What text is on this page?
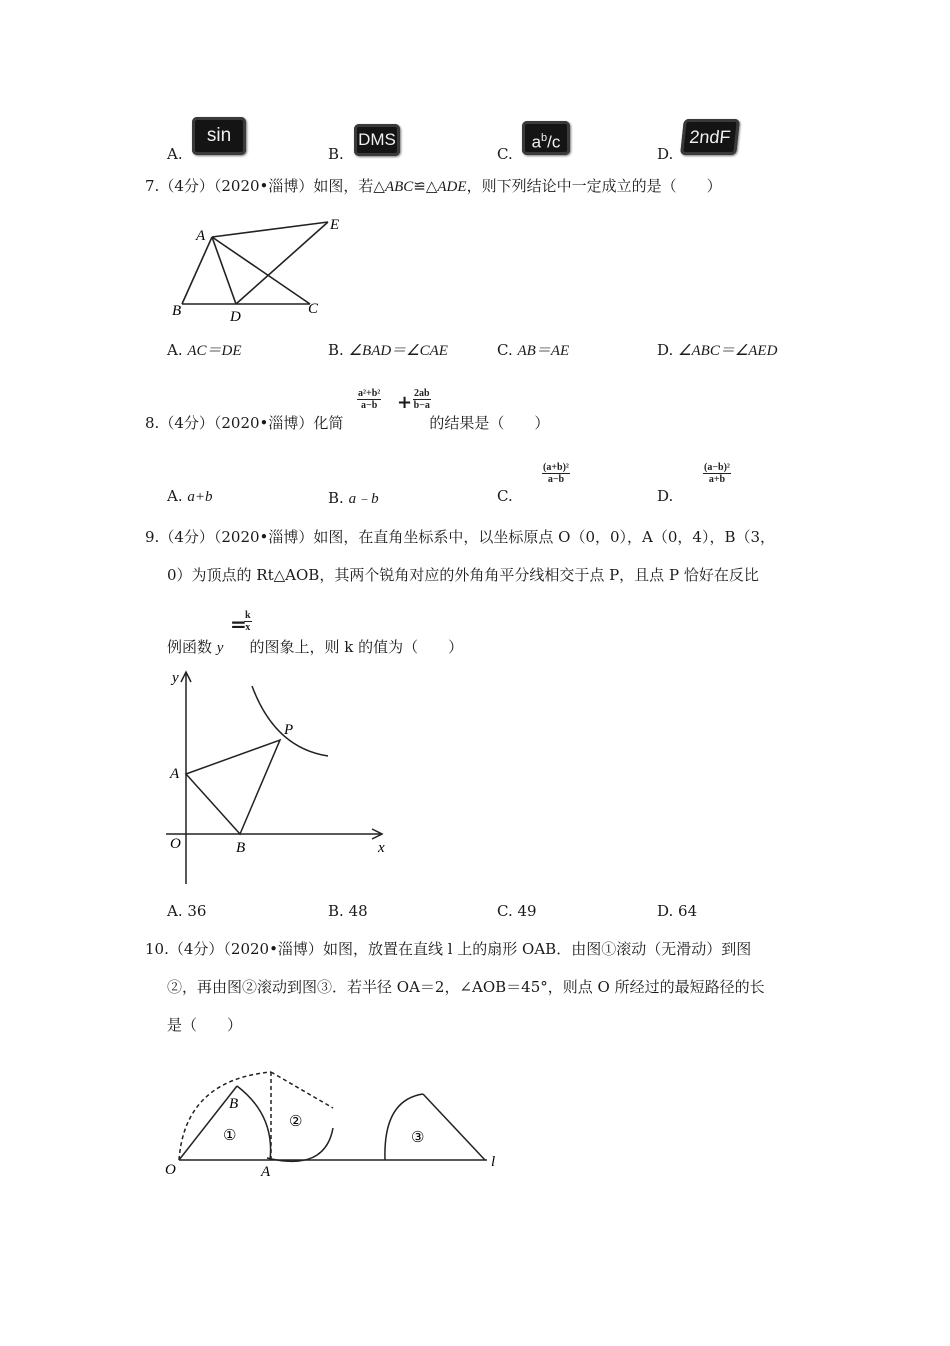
A.
sin
B.
DMS
C.
$a^b/c$
D.
2ndF
7.（4分）（2020•淄博）如图，若△ABC≌△ADE，则下列结论中一定成立的是（　　）
A
E
B	D	C
A. AC＝DE	B. ∠BAD＝∠CAE	C. AB＝AE	D. ∠ABC＝∠AED
8.（4分）（2020•淄博）化简	的结果是（　　）
$\frac{\text{a²+b²}}{a-b} + \frac{2ab}{b-a}$
A. a+b	B. a﹣b	C.
$\frac{\text{(a+b)²}}{a-b}$
D.
$\frac{\text{(a−b)²}}{a+b}$
9.（4分）（2020•淄博）如图，在直角坐标系中，以坐标原点 O（0，0），A（0，4），B（3，
0）为顶点的 Rt△AOB，其两个锐角对应的外角角平分线相交于点 P，且点 P 恰好在反比
例函数 y 的图象上，则 k 的值为（　　）
=
$\frac{k}{x}$
y
x
O
A
B
P
A. 36	B. 48	C. 49	D. 64
10.（4分）（2020•淄博）如图，放置在直线 l 上的扇形 OAB．由图①滚动（无滑动）到图
②，再由图②滚动到图③．若半径 OA＝2，∠AOB＝45°，则点 O 所经过的最短路径的长
是（　　）
O	A
B
l
①
②
③
